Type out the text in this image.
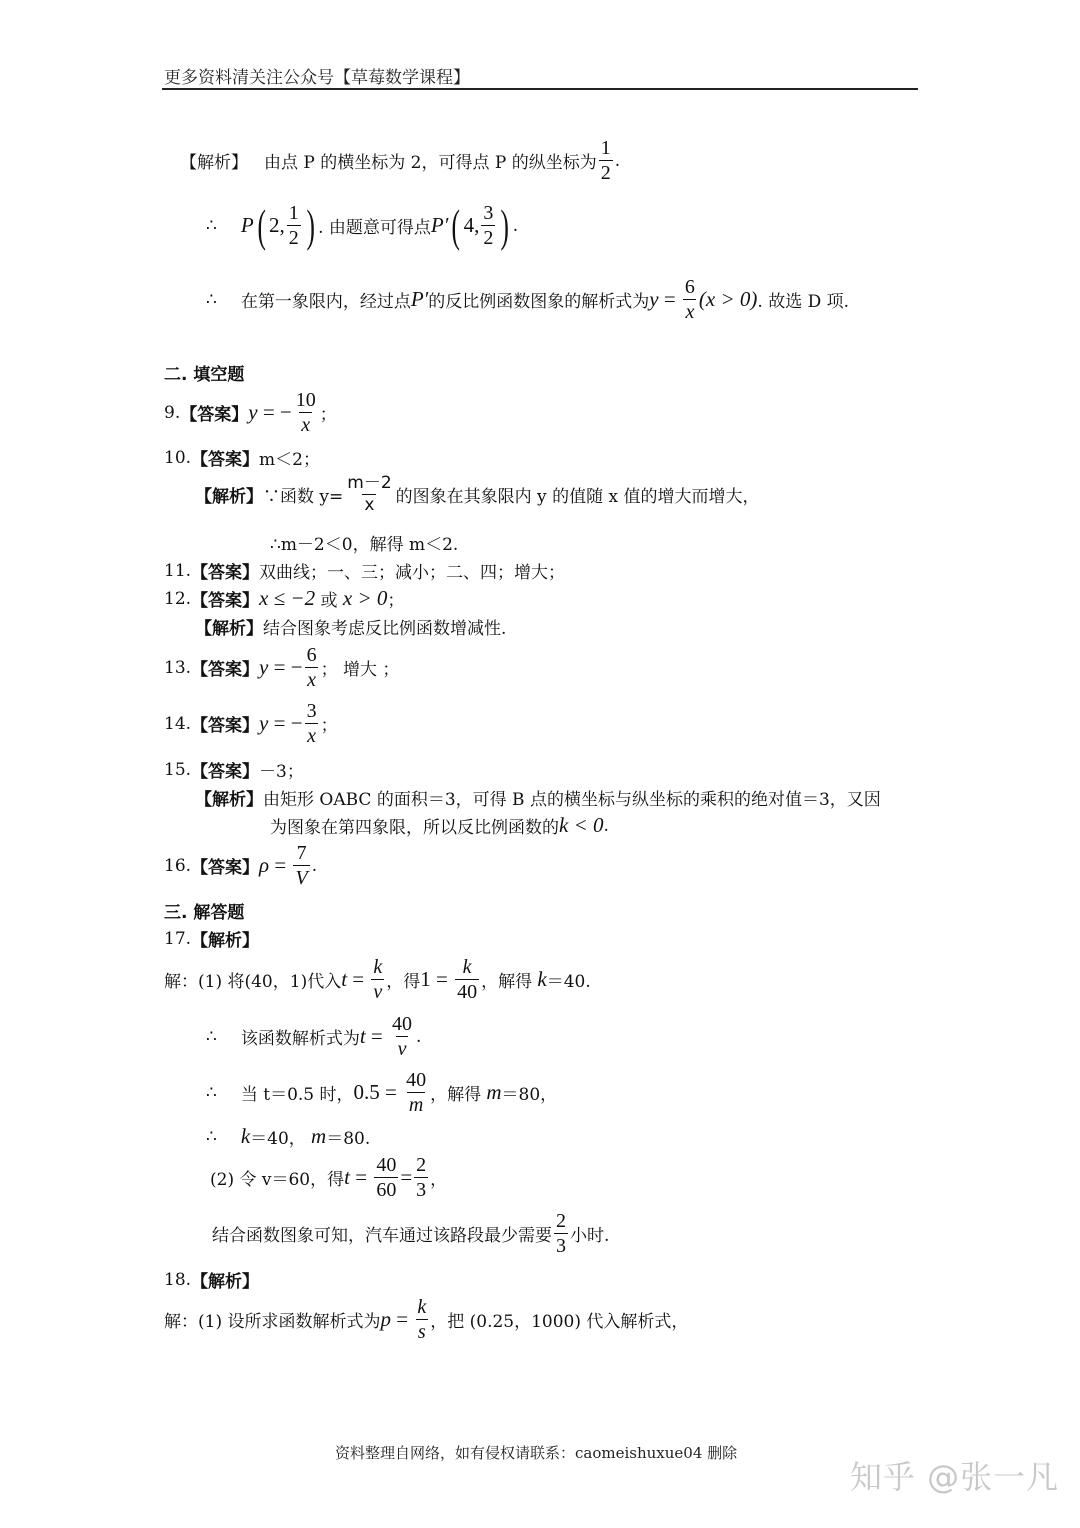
更多资料清关注公众号【草莓数学课程】
【解析】 由点 P 的横坐标为 2，可得点 P 的纵坐标为 $\frac{1}{2}$ .
∴ P ( 2, $\frac{1}{2}$ ) . 由题意可得点 P′ ( 4, $\frac{3}{2}$ ) .
∴ 在第一象限内，经过点 P′ 的反比例函数图象的解析式为 $y = \frac{6}{x} (x > 0)$ . 故选 D 项.
二. 填空题
9. 【答案】 y = − $\frac{10}{x}$ ；
10. 【答案】 m＜2；
【解析】 ∵函数 $y= \frac{m-2}{x}$ 的图象在其象限内 y 的值随 x 值的增大而增大，
∴m－2＜0，解得 m＜2.
11. 【答案】 双曲线；一、三；减小；二、四；增大；
12. 【答案】 x ≤ −2
或
x > 0 ；
【解析】 结合图象考虑反比例函数增减性.
13. 【答案】 y = − $\frac{6}{x}$ ； 增大 ；
14. 【答案】 y = − $\frac{3}{x}$ ；
15. 【答案】 －3；
【解析】 由矩形 OABC 的面积＝3，可得 B 点的横坐标与纵坐标的乘积的绝对值＝3，又因
为图象在第四象限，所以反比例函数的 k < 0 .
16. 【答案】 $\rho = \frac{7}{V}$ .
三. 解答题
17. 【解析】
解：(1) 将(40，1)代入 $t = \frac{k}{v}$ ，得 $1 = \frac{k}{40}$ ，解得 k ＝40.
∴ 该函数解析式为 $t = \frac{40}{v}$ .
∴ 当 t＝0.5 时， $0.5 = \frac{40}{m}$ ，解得 m ＝80，
∴ k ＝40， m ＝80.
(2) 令 v＝60，得 $t = \frac{40}{60} = \frac{2}{3}$ ，
结合函数图象可知，汽车通过该路段最少需要 $\frac{2}{3}$ 小时.
18. 【解析】
解：(1) 设所求函数解析式为 $p = \frac{k}{s}$ ，把 (0.25，1000) 代入解析式，
资料整理自网络，如有侵权请联系：caomeishuxue04 删除
知乎 @张一凡
